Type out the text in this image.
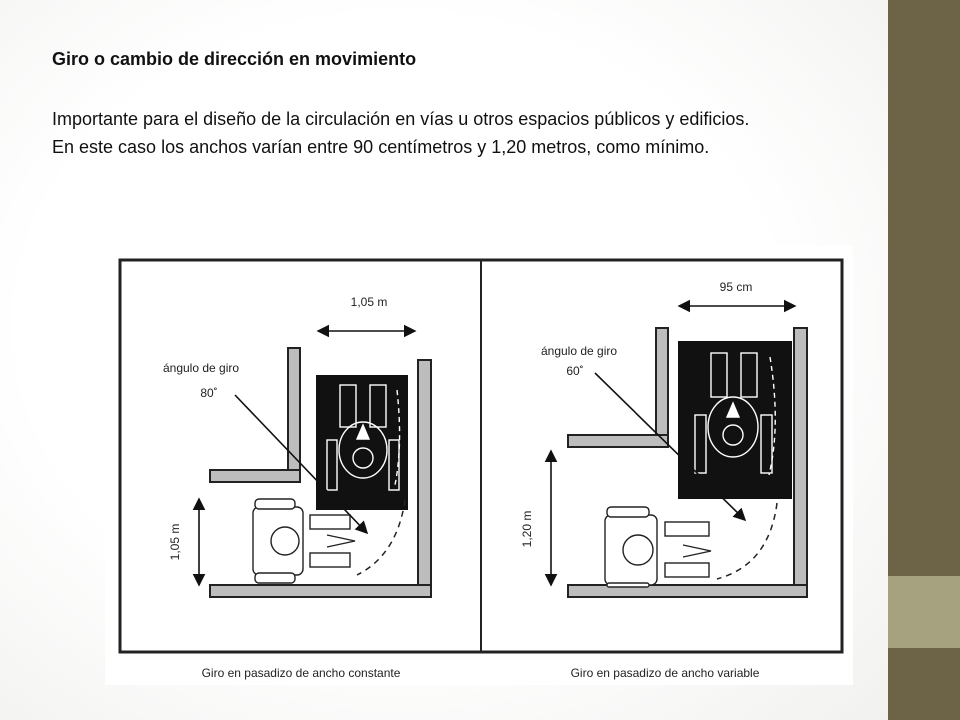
Giro o cambio de dirección en movimiento
Importante para el diseño de la circulación en vías u otros espacios públicos y edificios.
En este caso los anchos varían entre 90 centímetros y 1,20 metros, como mínimo.
1,05 m
ángulo de giro
80˚
1,05 m
95 cm
ángulo de giro
60˚
1,20 m
Giro en pasadizo de ancho constante	Giro en pasadizo de ancho variable
